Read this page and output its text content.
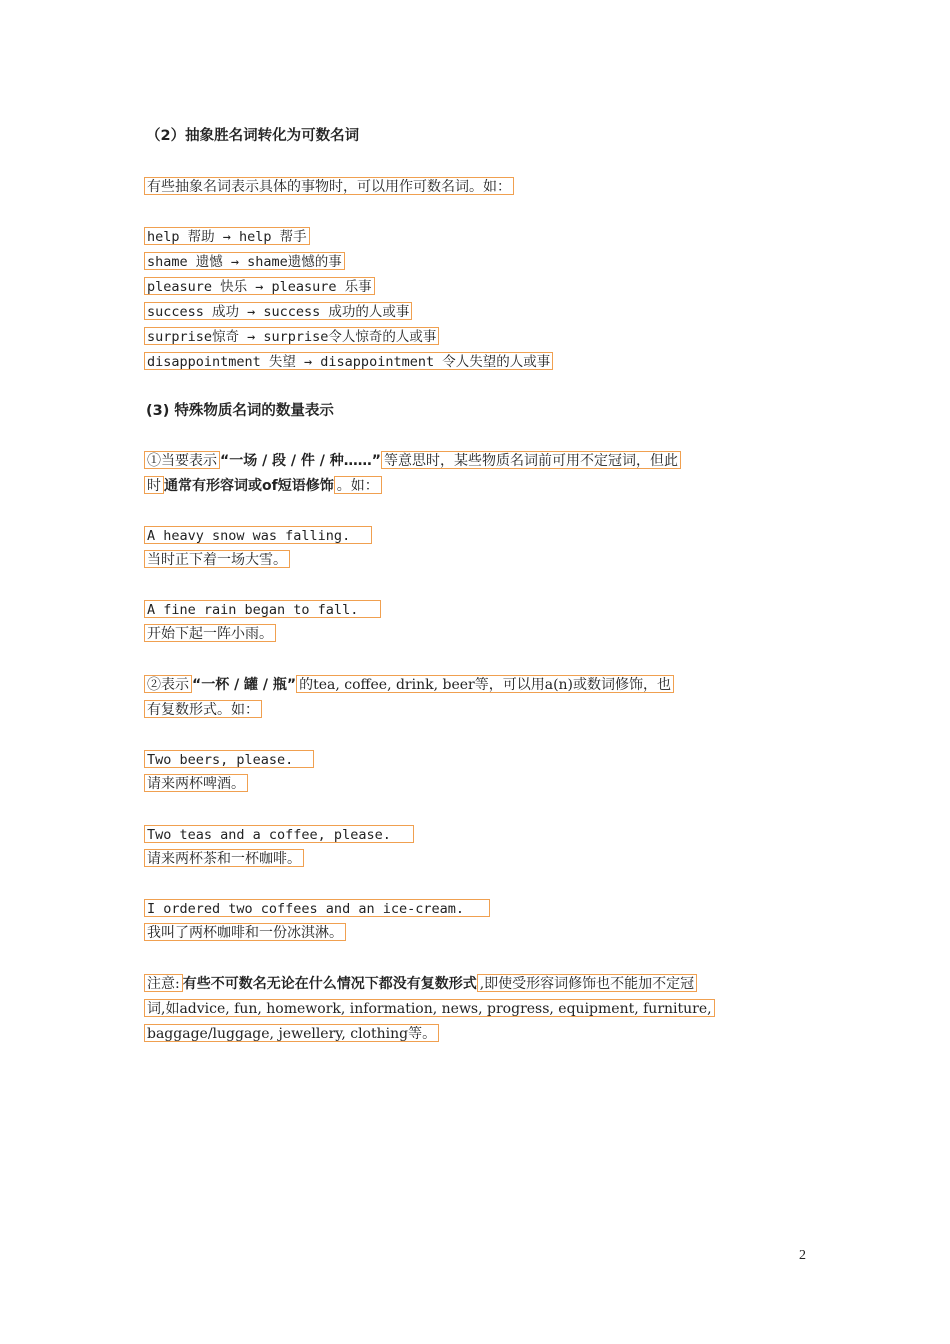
（2）抽象胜名词转化为可数名词
有些抽象名词表示具体的事物时，可以用作可数名词。如：
help 帮助 → help 帮手
shame 遗憾 → shame遗憾的事
pleasure 快乐 → pleasure 乐事
success 成功 → success 成功的人或事
surprise惊奇 → surprise令人惊奇的人或事
disappointment 失望 → disappointment 令人失望的人或事
(3) 特殊物质名词的数量表示
①当要表示 “一场 / 段 / 件 / 种……” 等意思时，某些物质名词前可用不定冠词，但此
时 通常有形容词或of短语修饰 。如：
A heavy snow was falling.
当时正下着一场大雪。
A fine rain began to fall.
开始下起一阵小雨。
②表示 “一杯 / 罐 / 瓶” 的tea, coffee, drink, beer等，可以用a(n)或数词修饰，也
有复数形式。如：
Two beers, please.
请来两杯啤酒。
Two teas and a coffee, please.
请来两杯茶和一杯咖啡。
I ordered two coffees and an ice-cream.
我叫了两杯咖啡和一份冰淇淋。
注意: 有些不可数名无论在什么情况下都没有复数形式 ,即使受形容词修饰也不能加不定冠
词,如advice, fun, homework, information, news, progress, equipment, furniture,
baggage/luggage, jewellery, clothing等。
2
